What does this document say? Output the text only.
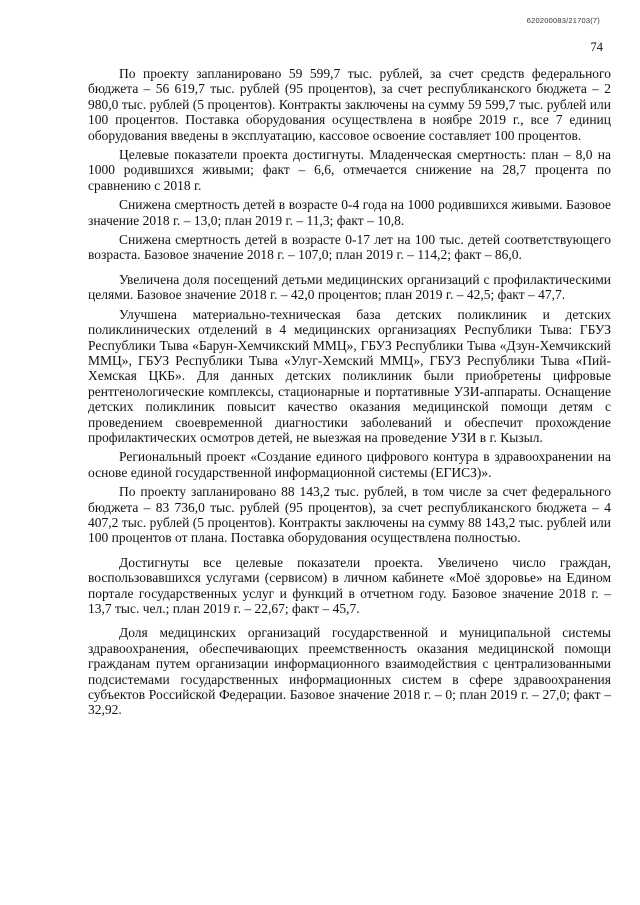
620200083/21703(7)
74

По проекту запланировано 59 599,7 тыс. рублей, за счет средств федерального бюджета – 56 619,7 тыс. рублей (95 процентов), за счет республиканского бюджета – 2 980,0 тыс. рублей (5 процентов). Контракты заключены на сумму 59 599,7 тыс. рублей или 100 процентов. Поставка оборудования осуществлена в ноябре 2019 г., все 7 единиц оборудования введены в эксплуатацию, кассовое освоение составляет 100 процентов.

Целевые показатели проекта достигнуты. Младенческая смертность: план – 8,0 на 1000 родившихся живыми; факт – 6,6, отмечается снижение на 28,7 процента по сравнению с 2018 г.

Снижена смертность детей в возрасте 0-4 года на 1000 родившихся живыми. Базовое значение 2018 г. – 13,0; план 2019 г. – 11,3; факт – 10,8.

Снижена смертность детей в возрасте 0-17 лет на 100 тыс. детей соответствующего возраста. Базовое значение 2018 г. – 107,0; план 2019 г. – 114,2; факт – 86,0.

Увеличена доля посещений детьми медицинских организаций с профилактическими целями. Базовое значение 2018 г. – 42,0 процентов; план 2019 г. – 42,5; факт – 47,7.

Улучшена материально-техническая база детских поликлиник и детских поликлинических отделений в 4 медицинских организациях Республики Тыва: ГБУЗ Республики Тыва «Барун-Хемчикский ММЦ», ГБУЗ Республики Тыва «Дзун-Хемчикский ММЦ», ГБУЗ Республики Тыва «Улуг-Хемский ММЦ», ГБУЗ Республики Тыва «Пий-Хемская ЦКБ». Для данных детских поликлиник были приобретены цифровые рентгенологические комплексы, стационарные и портативные УЗИ-аппараты. Оснащение детских поликлиник повысит качество оказания медицинской помощи детям с проведением своевременной диагностики заболеваний и обеспечит прохождение профилактических осмотров детей, не выезжая на проведение УЗИ в г. Кызыл.

Региональный проект «Создание единого цифрового контура в здравоохранении на основе единой государственной информационной системы (ЕГИСЗ)».

По проекту запланировано 88 143,2 тыс. рублей, в том числе за счет федерального бюджета – 83 736,0 тыс. рублей (95 процентов), за счет республиканского бюджета – 4 407,2 тыс. рублей (5 процентов). Контракты заключены на сумму 88 143,2 тыс. рублей или 100 процентов от плана. Поставка оборудования осуществлена полностью.

Достигнуты все целевые показатели проекта. Увеличено число граждан, воспользовавшихся услугами (сервисом) в личном кабинете «Моё здоровье» на Едином портале государственных услуг и функций в отчетном году. Базовое значение 2018 г. – 13,7 тыс. чел.; план 2019 г. – 22,67; факт – 45,7.

Доля медицинских организаций государственной и муниципальной системы здравоохранения, обеспечивающих преемственность оказания медицинской помощи гражданам путем организации информационного взаимодействия с централизованными подсистемами государственных информационных систем в сфере здравоохранения субъектов Российской Федерации. Базовое значение 2018 г. – 0; план 2019 г. – 27,0; факт – 32,92.
